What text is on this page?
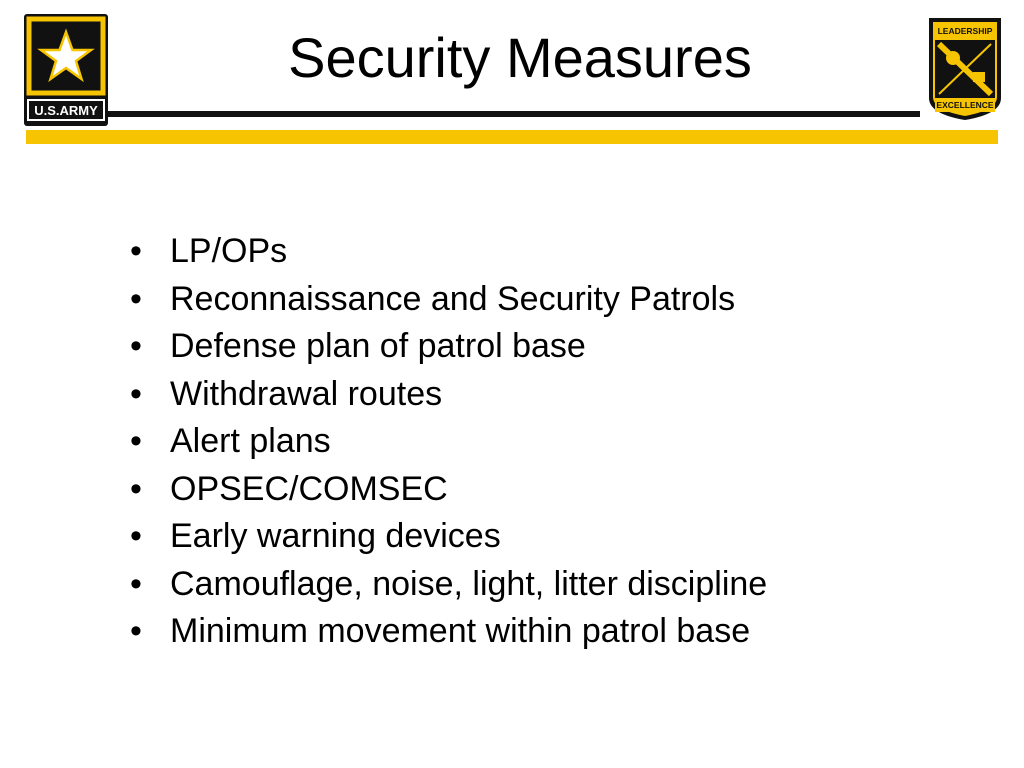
U.S.ARMY
Security Measures	LEADERSHIP
EXCELLENCE
• LP/OPs
• Reconnaissance and Security Patrols
• Defense plan of patrol base
• Withdrawal routes
• Alert plans
• OPSEC/COMSEC
• Early warning devices
• Camouflage, noise, light, litter discipline
• Minimum movement within patrol base
